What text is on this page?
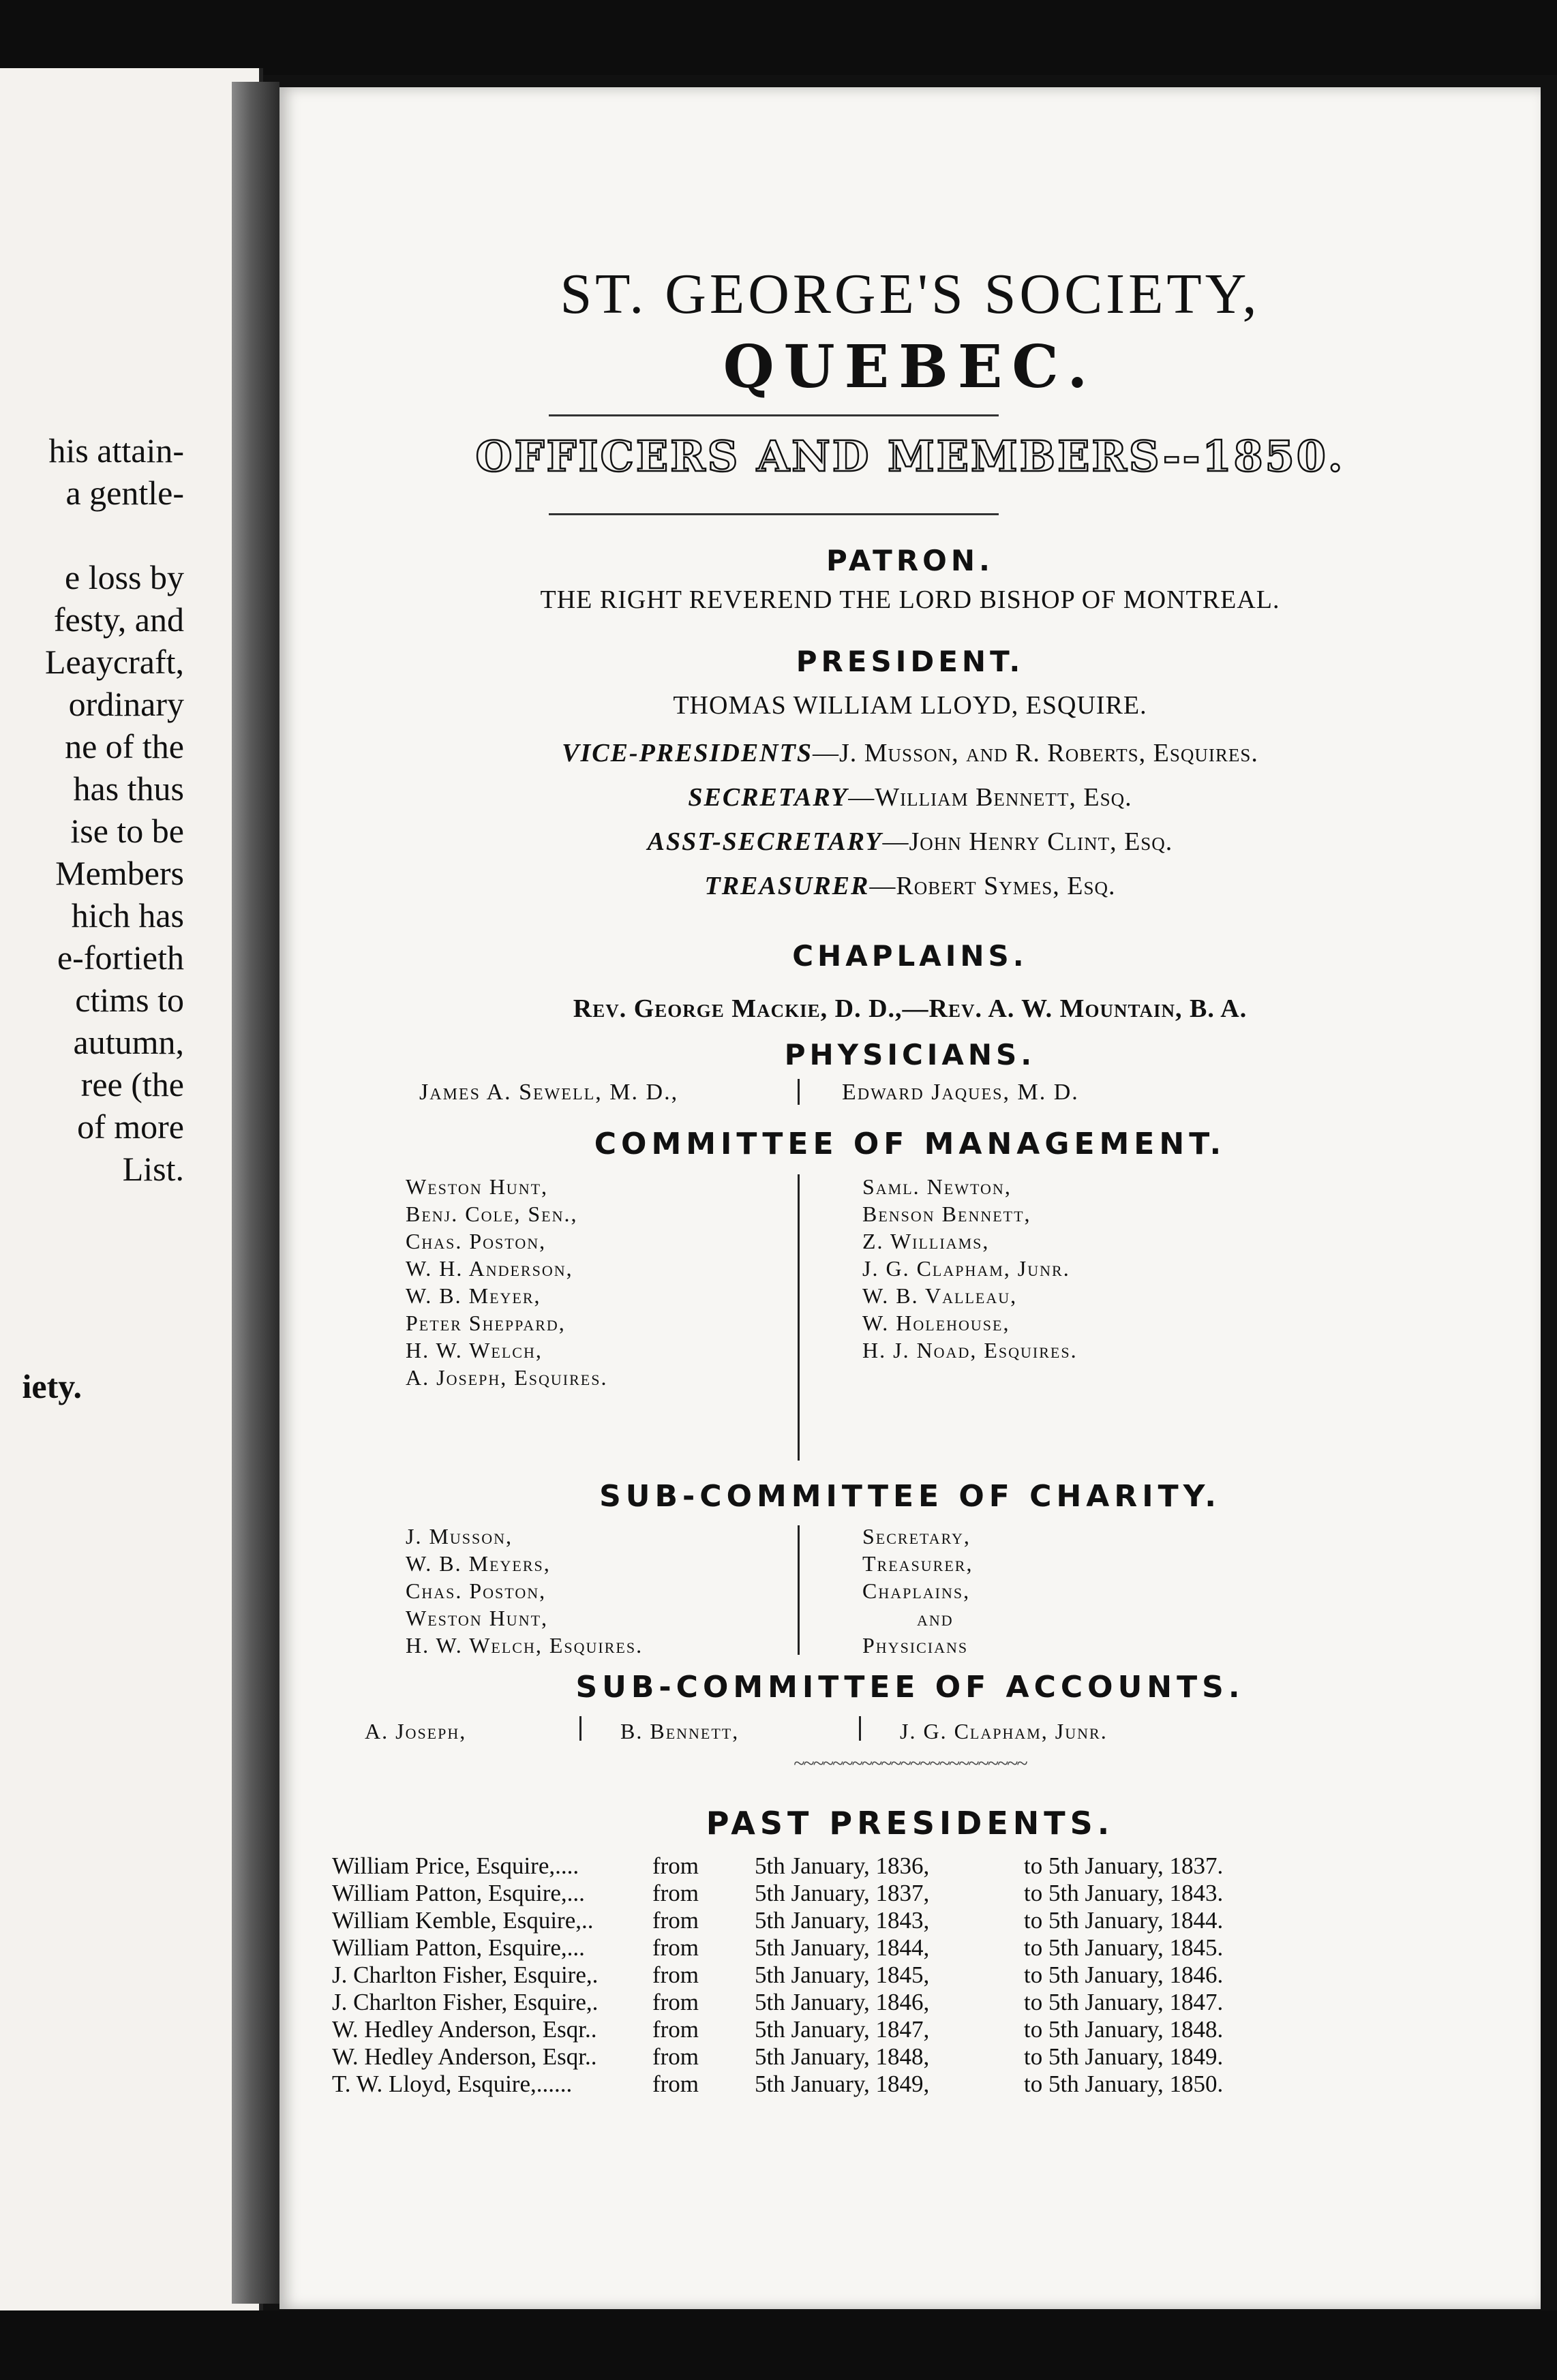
his attain-
a gentle-

e loss by
festy, and
Leaycraft,
ordinary
ne of the
has thus
ise to be
Members
hich has
e-fortieth
ctims to
autumn,
ree (the
of more
List.
iety.
ST. GEORGE'S SOCIETY,
QUEBEC.
OFFICERS AND MEMBERS--1850.
PATRON.
THE RIGHT REVEREND THE LORD BISHOP OF MONTREAL.
PRESIDENT.
THOMAS WILLIAM LLOYD, ESQUIRE.
VICE-PRESIDENTS—J. Musson, and R. Roberts, Esquires.
SECRETARY—William Bennett, Esq.
ASST-SECRETARY—John Henry Clint, Esq.
TREASURER—Robert Symes, Esq.
CHAPLAINS.
Rev. George Mackie, D. D.,—Rev. A. W. Mountain, B. A.
PHYSICIANS.
James A. Sewell, M. D.,	Edward Jaques, M. D.
COMMITTEE OF MANAGEMENT.
Weston Hunt,
Benj. Cole, Sen.,
Chas. Poston,
W. H. Anderson,
W. B. Meyer,
Peter Sheppard,
H. W. Welch,
A. Joseph, Esquires.
Saml. Newton,
Benson Bennett,
Z. Williams,
J. G. Clapham, Junr.
W. B. Valleau,
W. Holehouse,
H. J. Noad, Esquires.
SUB-COMMITTEE OF CHARITY.
J. Musson,
W. B. Meyers,
Chas. Poston,
Weston Hunt,
H. W. Welch, Esquires.
Secretary,
Treasurer,
Chaplains,
and
Physicians
SUB-COMMITTEE OF ACCOUNTS.
A. Joseph,	B. Bennett,	J. G. Clapham, Junr.
~~~~~~~~~~~~~~~~~~~~~~~~
PAST PRESIDENTS.
William Price, Esquire,....	from 5th January, 1836,	to 5th January, 1837.
William Patton, Esquire,...	from 5th January, 1837,	to 5th January, 1843.
William Kemble, Esquire,.. from 5th January, 1843,	to 5th January, 1844.
William Patton, Esquire,...	from 5th January, 1844,	to 5th January, 1845.
J. Charlton Fisher, Esquire,. from 5th January, 1845,	to 5th January, 1846.
J. Charlton Fisher, Esquire,. from 5th January, 1846,	to 5th January, 1847.
W. Hedley Anderson, Esqr.. from 5th January, 1847,	to 5th January, 1848.
W. Hedley Anderson, Esqr.. from 5th January, 1848,	to 5th January, 1849.
T. W. Lloyd, Esquire,......	from 5th January, 1849,	to 5th January, 1850.
